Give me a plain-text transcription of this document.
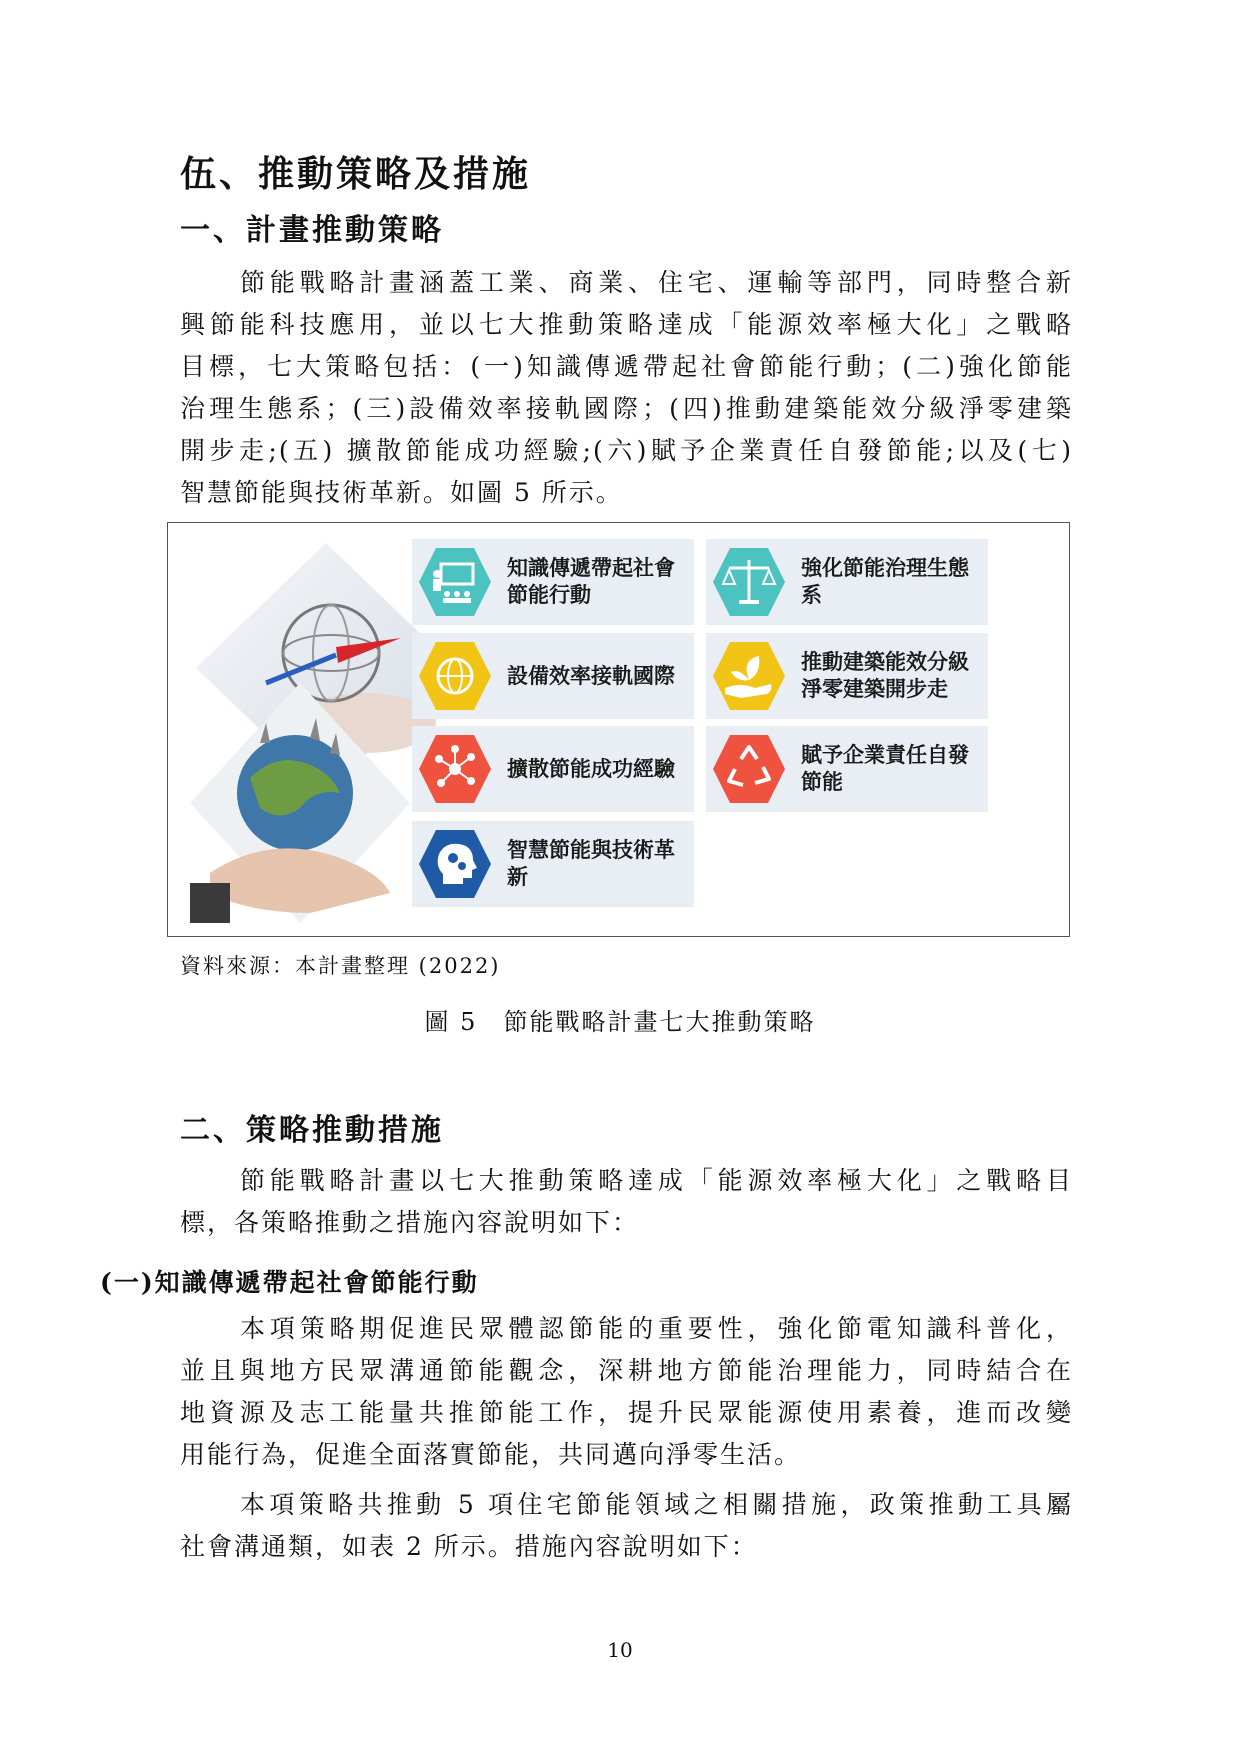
伍、推動策略及措施
一、計畫推動策略
節能戰略計畫涵蓋工業、商業、住宅、運輸等部門，同時整合新
興節能科技應用，並以七大推動策略達成「能源效率極大化」之戰略
目標，七大策略包括：(一)知識傳遞帶起社會節能行動；(二)強化節能
治理生態系；(三)設備效率接軌國際；(四)推動建築能效分級淨零建築
開步走;(五) 擴散節能成功經驗;(六)賦予企業責任自發節能;以及(七)
智慧節能與技術革新。如圖 5 所示。
知識傳遞帶起社會節能行動
強化節能治理生態系
設備效率接軌國際
推動建築能效分級淨零建築開步走
擴散節能成功經驗
賦予企業責任自發節能
智慧節能與技術革新

資料來源：本計畫整理 (2022)

圖 5　節能戰略計畫七大推動策略

二、策略推動措施
節能戰略計畫以七大推動策略達成「能源效率極大化」之戰略目
標，各策略推動之措施內容說明如下：
(一)知識傳遞帶起社會節能行動
本項策略期促進民眾體認節能的重要性，強化節電知識科普化，
並且與地方民眾溝通節能觀念，深耕地方節能治理能力，同時結合在
地資源及志工能量共推節能工作，提升民眾能源使用素養，進而改變
用能行為，促進全面落實節能，共同邁向淨零生活。
本項策略共推動 5 項住宅節能領域之相關措施，政策推動工具屬
社會溝通類，如表 2 所示。措施內容說明如下：

10
